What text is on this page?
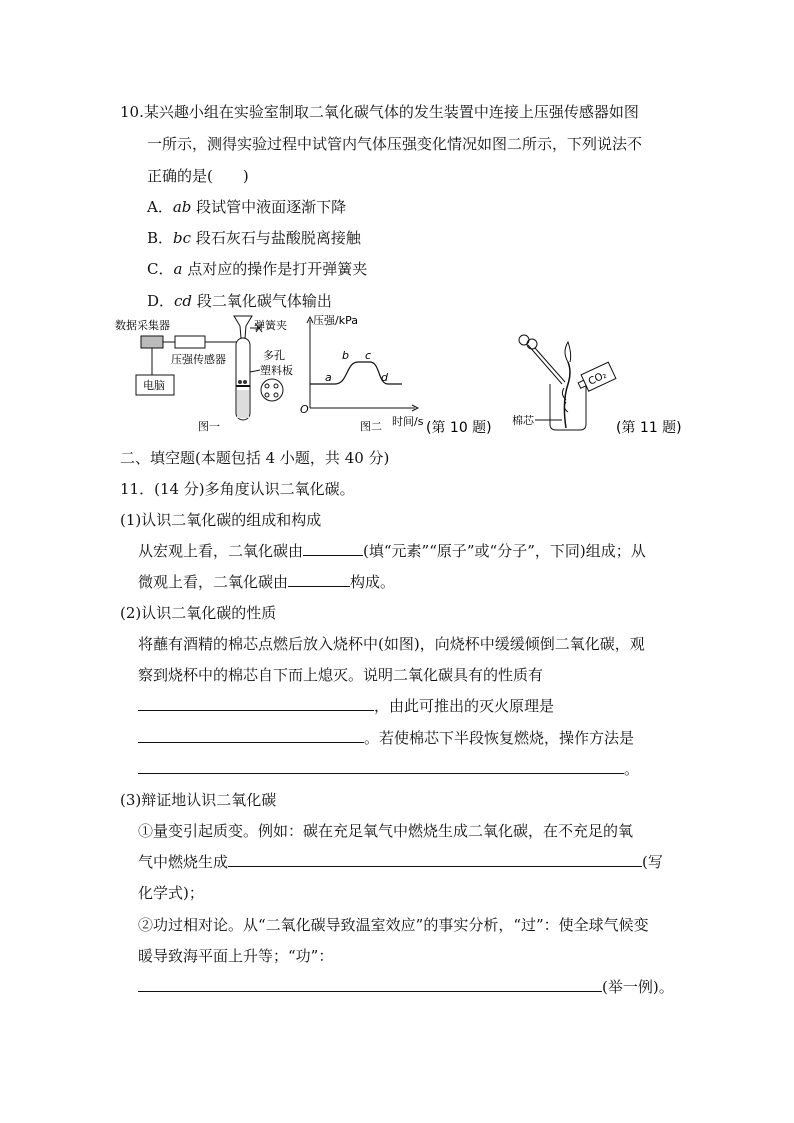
10.某兴趣小组在实验室制取二氧化碳气体的发生装置中连接上压强传感器如图
一所示，测得实验过程中试管内气体压强变化情况如图二所示，下列说法不
正确的是(　　)
A．ab 段试管中液面逐渐下降
B．bc 段石灰石与盐酸脱离接触
C．a 点对应的操作是打开弹簧夹
D．cd 段二氧化碳气体输出
数据采集器
压强传感器
电脑
弹簧夹
多孔
塑料板
图一
压强/kPa
时间/s
O
a
b c
d
图二	(第 10 题) 棉芯
CO₂
(第 11 题)
二、填空题(本题包括 4 小题，共 40 分)
11．(14 分)多角度认识二氧化碳。
(1)认识二氧化碳的组成和构成
从宏观上看，二氧化碳由	(填“元素”“原子”或“分子”，下同)组成；从
微观上看，二氧化碳由	构成。
(2)认识二氧化碳的性质
将蘸有酒精的棉芯点燃后放入烧杯中(如图)，向烧杯中缓缓倾倒二氧化碳，观
察到烧杯中的棉芯自下而上熄灭。说明二氧化碳具有的性质有
，由此可推出的灭火原理是
。若使棉芯下半段恢复燃烧，操作方法是
。
(3)辩证地认识二氧化碳
①量变引起质变。例如：碳在充足氧气中燃烧生成二氧化碳，在不充足的氧
气中燃烧生成	(写
化学式)；
②功过相对论。从“二氧化碳导致温室效应”的事实分析，“过”：使全球气候变
暖导致海平面上升等；“功”：
(举一例)。
